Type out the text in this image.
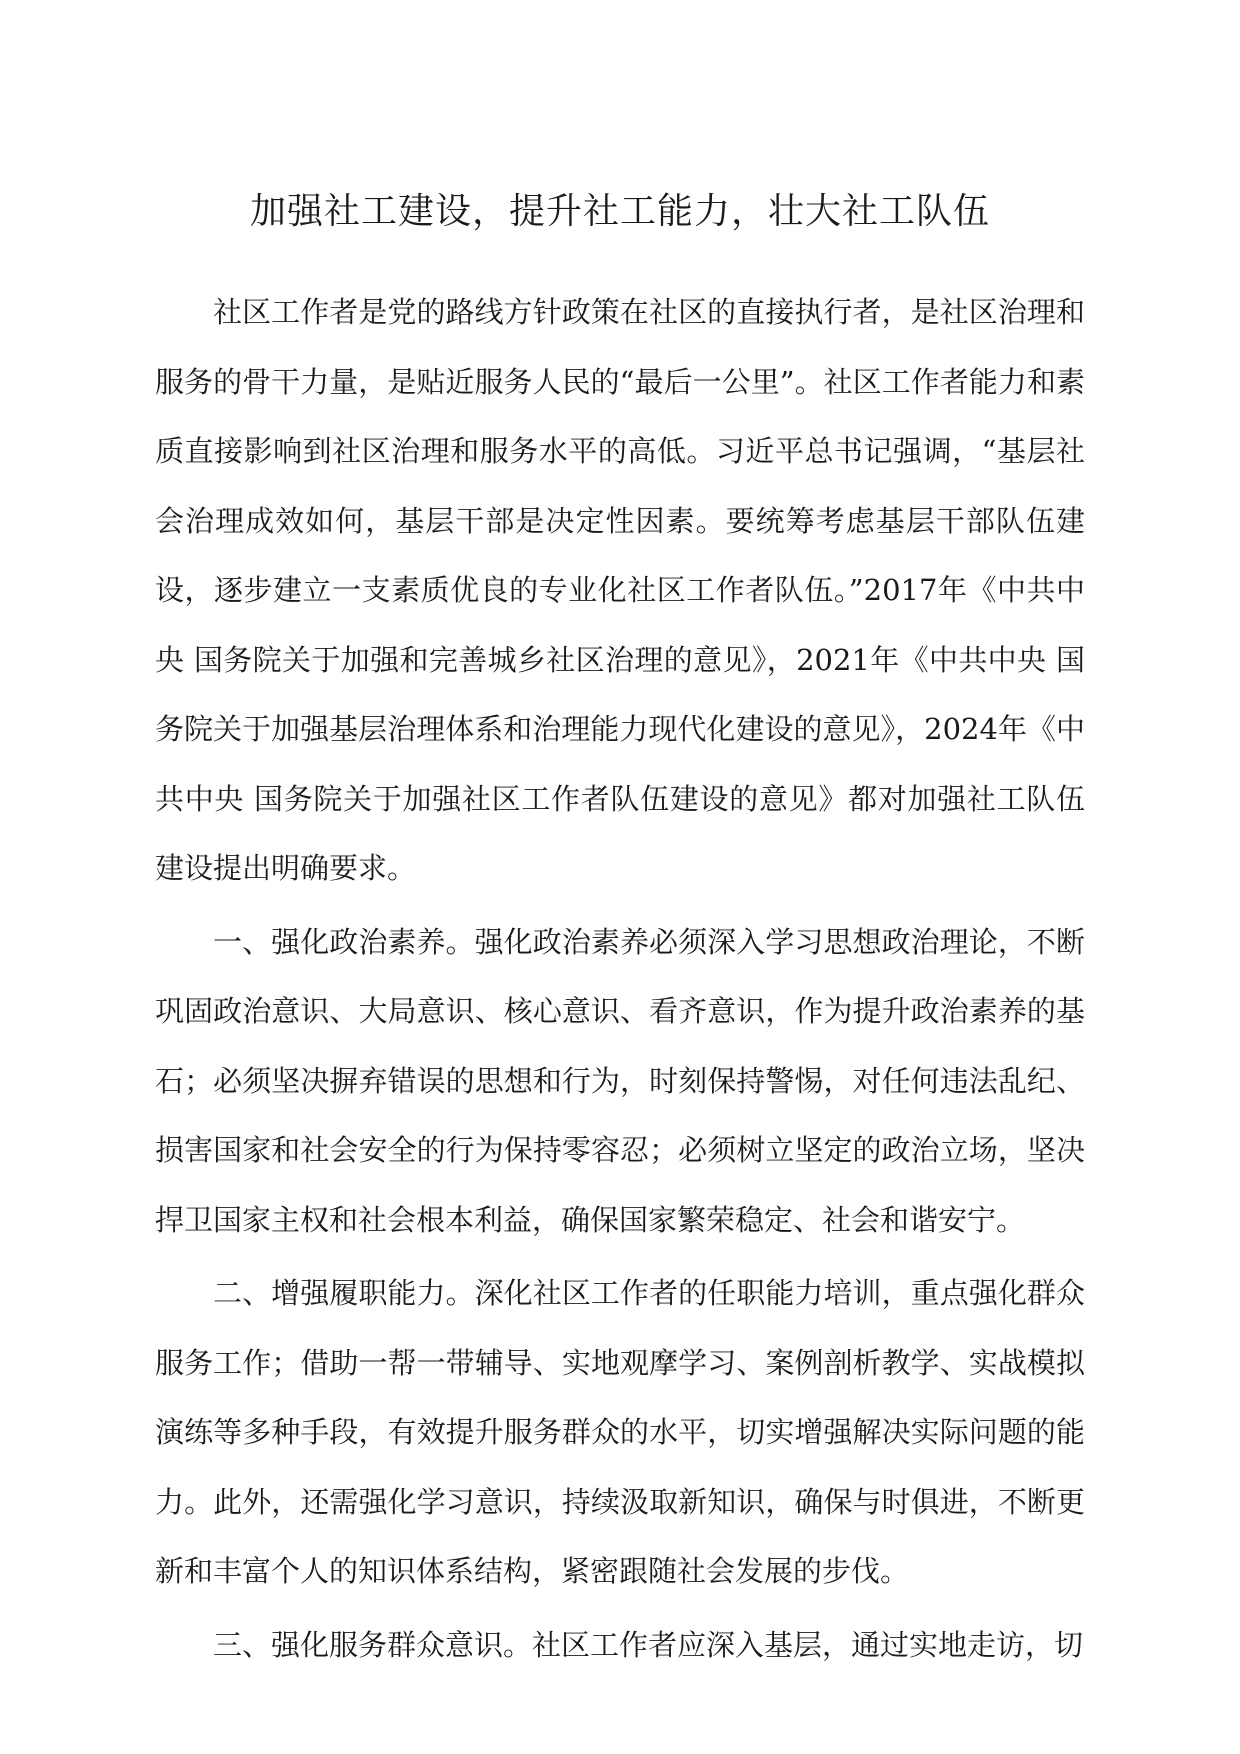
加强社工建设，提升社工能力，壮大社工队伍

社区工作者是党的路线方针政策在社区的直接执行者，是社区治理和服务的骨干力量，是贴近服务人民的“最后一公里”。社区工作者能力和素质直接影响到社区治理和服务水平的高低。习近平总书记强调，“基层社会治理成效如何，基层干部是决定性因素。要统筹考虑基层干部队伍建设，逐步建立一支素质优良的专业化社区工作者队伍。”2017年《中共中央 国务院关于加强和完善城乡社区治理的意见》，2021年《中共中央 国务院关于加强基层治理体系和治理能力现代化建设的意见》，2024年《中共中央 国务院关于加强社区工作者队伍建设的意见》都对加强社工队伍建设提出明确要求。

一、强化政治素养。强化政治素养必须深入学习思想政治理论，不断巩固政治意识、大局意识、核心意识、看齐意识，作为提升政治素养的基石；必须坚决摒弃错误的思想和行为，时刻保持警惕，对任何违法乱纪、损害国家和社会安全的行为保持零容忍；必须树立坚定的政治立场，坚决捍卫国家主权和社会根本利益，确保国家繁荣稳定、社会和谐安宁。

二、增强履职能力。深化社区工作者的任职能力培训，重点强化群众服务工作；借助一帮一带辅导、实地观摩学习、案例剖析教学、实战模拟演练等多种手段，有效提升服务群众的水平，切实增强解决实际问题的能力。此外，还需强化学习意识，持续汲取新知识，确保与时俱进，不断更新和丰富个人的知识体系结构，紧密跟随社会发展的步伐。

三、强化服务群众意识。社区工作者应深入基层，通过实地走访，切
